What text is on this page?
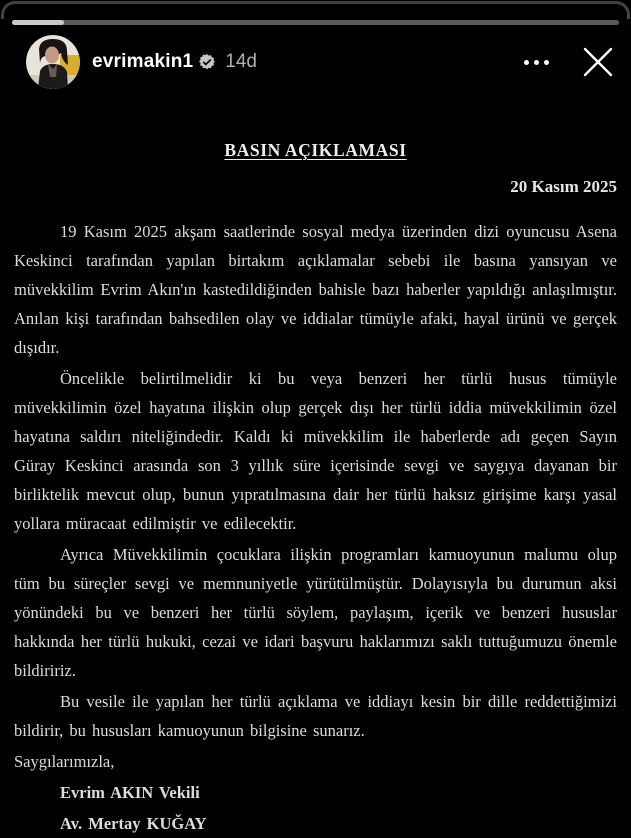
evrimakin1 14d
BASIN AÇIKLAMASI
20 Kasım 2025

19 Kasım 2025 akşam saatlerinde sosyal medya üzerinden dizi oyuncusu Asena Keskinci tarafından yapılan birtakım açıklamalar sebebi ile basına yansıyan ve müvekkilim Evrim Akın'ın kastedildiğinden bahisle bazı haberler yapıldığı anlaşılmıştır. Anılan kişi tarafından bahsedilen olay ve iddialar tümüyle afaki, hayal ürünü ve gerçek dışıdır.

Öncelikle belirtilmelidir ki bu veya benzeri her türlü husus tümüyle müvekkilimin özel hayatına ilişkin olup gerçek dışı her türlü iddia müvekkilimin özel hayatına saldırı niteliğindedir. Kaldı ki müvekkilim ile haberlerde adı geçen Sayın Güray Keskinci arasında son 3 yıllık süre içerisinde sevgi ve saygıya dayanan bir birliktelik mevcut olup, bunun yıpratılmasına dair her türlü haksız girişime karşı yasal yollara müracaat edilmiştir ve edilecektir.

Ayrıca Müvekkilimin çocuklara ilişkin programları kamuoyunun malumu olup tüm bu süreçler sevgi ve memnuniyetle yürütülmüştür. Dolayısıyla bu durumun aksi yönündeki bu ve benzeri her türlü söylem, paylaşım, içerik ve benzeri hususlar hakkında her türlü hukuki, cezai ve idari başvuru haklarımızı saklı tuttuğumuzu önemle bildiririz.

Bu vesile ile yapılan her türlü açıklama ve iddiayı kesin bir dille reddettiğimizi bildirir, bu hususları kamuoyunun bilgisine sunarız.

Saygılarımızla,

Evrim AKIN Vekili

Av. Mertay KUĞAY
